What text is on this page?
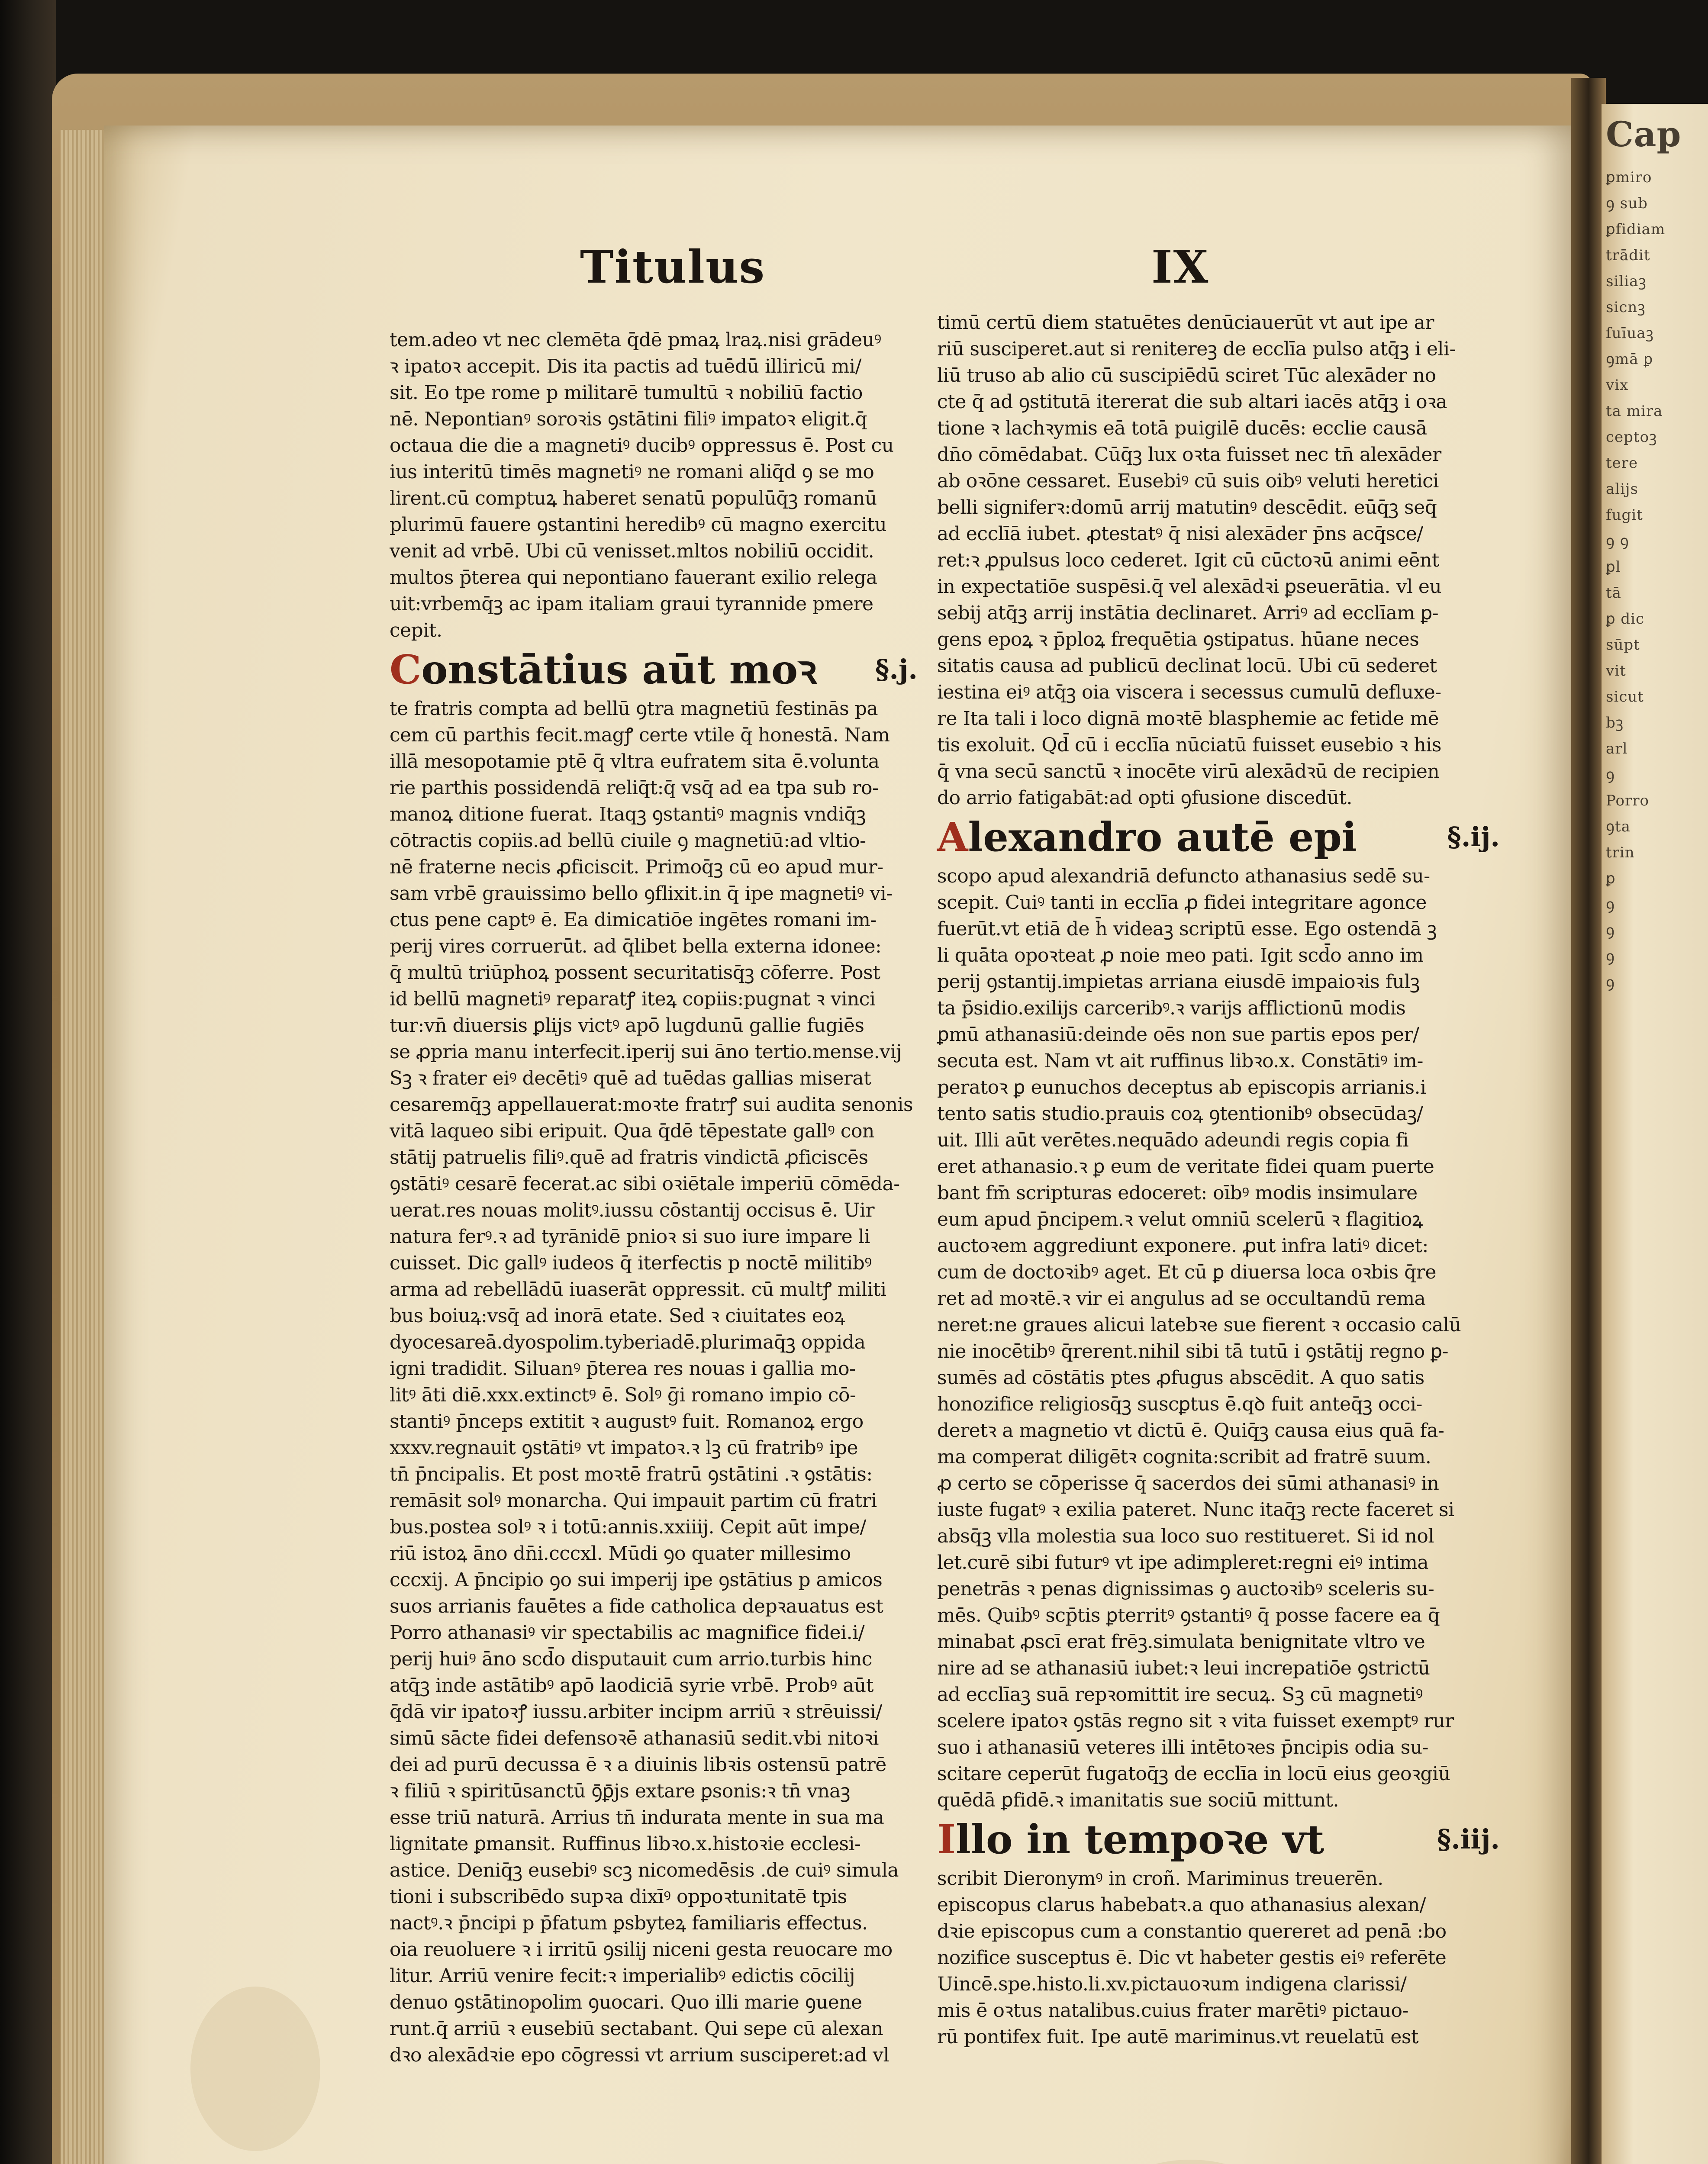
Cap
ꝑmiro
ꝯ sub
ꝑfidiam
trādit
siliaꝫ
sicnꝫ
ſuīuaꝫ
ꝯmā ꝑ
vix
ta mira
ceptoꝫ
tere
alijs
fugit
ꝯ ꝯ
ꝑl
tā
ꝑ dic
sūpt
vit
sicut
bꝫ
arl
ꝯ
Porro
ꝯta
trin
ꝑ
ꝯ
ꝯ
ꝯ
ꝯ
Titulus	IX
tem.adeo vt nec clemēta q̄dē pmaꝝ lraꝝ.nisi grādeuꝰ
ꝛ ipatoꝛ accepit. Dis ita pactis ad tuēdū illiricū mi/
sit. Eo tpe rome p militarē tumultū ꝛ nobiliū factio
nē. Nepontianꝰ soroꝛis ꝯstātini filiꝰ impatoꝛ eligit.q̄
octaua die die a magnetiꝰ ducibꝰ oppressus ē. Post cu
ius interitū timēs magnetiꝰ ne romani aliq̄d ꝯ se mo
lirent.cū comptuꝝ haberet senatū populūq̄ꝫ romanū
plurimū fauere ꝯstantini heredibꝰ cū magno exercitu
venit ad vrbē. Ubi cū venisset.mltos nobiliū occidit.
multos p̄terea qui nepontiano fauerant exilio relega
uit:vrbemq̄ꝫ ac ipam italiam graui tyrannide pmere
cepit.
Constātius aūt moꝛ §.j.
te fratris compta ad bellū ꝯtra magnetiū festinās pa
cem cū parthis fecit.magꝭ certe vtile q̄ honestā. Nam
illā mesopotamie ptē q̄ vltra eufratem sita ē.volunta
rie parthis possidendā reliq̄t:q̄ vsq̄ ad ea tpa sub ro-
manoꝝ ditione fuerat. Itaqꝫ ꝯstantiꝰ magnis vndiq̄ꝫ
cōtractis copiis.ad bellū ciuile ꝯ magnetiū:ad vltio-
nē fraterne necis ꝓficiscit. Primoq̄ꝫ cū eo apud mur-
sam vrbē grauissimo bello ꝯflixit.in q̄ ipe magnetiꝰ vi-
ctus pene captꝰ ē. Ea dimicatiōe ingētes romani im-
perij vires corruerūt. ad q̄libet bella externa idonee:
q̄ multū triūphoꝝ possent securitatisq̄ꝫ cōferre. Post
id bellū magnetiꝰ reparatꝭ iteꝝ copiis:pugnat ꝛ vinci
tur:vn̄ diuersis ꝑlijs victꝰ apō lugdunū gallie fugiēs
se ꝓpria manu interfecit.iperij sui āno tertio.mense.vij
Sꝫ ꝛ frater eiꝰ decētiꝰ quē ad tuēdas gallias miserat
cesaremq̄ꝫ appellauerat:moꝛte fratrꝭ sui audita senonis
vitā laqueo sibi eripuit. Qua q̄dē tēpestate gallꝰ con
stātij patruelis filiꝰ.quē ad fratris vindictā ꝓficiscēs
ꝯstātiꝰ cesarē fecerat.ac sibi oꝛiētale imperiū cōmēda-
uerat.res nouas molitꝰ.iussu cōstantij occisus ē. Uir
natura ferꝰ.ꝛ ad tyrānidē pnioꝛ si suo iure impare li
cuisset. Dic gallꝰ iudeos q̄ iterfectis p noctē militibꝰ
arma ad rebellādū iuaserāt oppressit. cū multꝭ militi
bus boiuꝝ:vsq̄ ad inorā etate. Sed ꝛ ciuitates eoꝝ
dyocesareā.dyospolim.tyberiadē.plurimaq̄ꝫ oppida
igni tradidit. Siluanꝰ p̄terea res nouas i gallia mo-
litꝰ āti diē.xxx.extinctꝰ ē. Solꝰ ḡi romano impio cō-
stantiꝰ p̄nceps extitit ꝛ augustꝰ fuit. Romanoꝝ ergo
xxxv.regnauit ꝯstātiꝰ vt impatoꝛ.ꝛ lꝫ cū fratribꝰ ipe
tn̄ p̄ncipalis. Et post moꝛtē fratrū ꝯstātini .ꝛ ꝯstātis:
remāsit solꝰ monarcha. Qui impauit partim cū fratri
bus.postea solꝰ ꝛ i totū:annis.xxiiij. Cepit aūt impe/
riū istoꝝ āno dn̄i.cccxl. Mūdi ꝯo quater millesimo
cccxij. A p̄ncipio ꝯo sui imperij ipe ꝯstātius p amicos
suos arrianis fauētes a fide catholica depꝛauatus est
Porro athanasiꝰ vir spectabilis ac magnifice fidei.i/
perij huiꝰ āno scd̄o disputauit cum arrio.turbis hinc
atq̄ꝫ inde astātibꝰ apō laodiciā syrie vrbē. Probꝰ aūt
q̄dā vir ipatoꝛꝭ iussu.arbiter incipm arriū ꝛ strēuissi/
simū sācte fidei defensoꝛē athanasiū sedit.vbi nitoꝛi
dei ad purū decussa ē ꝛ a diuinis libꝛis ostensū patrē
ꝛ filiū ꝛ spiritūsanctū ꝯ̄ꝑ̄js extare ꝑsonis:ꝛ tn̄ vnaꝫ
esse triū naturā. Arrius tn̄ indurata mente in sua ma
lignitate ꝑmansit. Ruffinus libꝛo.x.histoꝛie ecclesi-
astice. Deniq̄ꝫ eusebiꝰ scꝫ nicomedēsis .de cuiꝰ simula
tioni i subscribēdo supꝛa dixīꝰ oppoꝛtunitatē tpis
nactꝰ.ꝛ p̄ncipi p p̄fatum ꝑsbyteꝝ familiaris effectus.
oia reuoluere ꝛ i irritū ꝯsilij niceni gesta reuocare mo
litur. Arriū venire fecit:ꝛ imperialibꝰ edictis cōcilij
denuo ꝯstātinopolim ꝯuocari. Quo illi marie ꝯuene
runt.q̄ arriū ꝛ eusebiū sectabant. Qui sepe cū alexan
dꝛo alexādꝛie epo cōgressi vt arrium susciperet:ad vl
timū certū diem statuētes denūciauerūt vt aut ipe ar
riū susciperet.aut si renitereꝫ de ecclīa pulso atq̄ꝫ i eli-
liū truso ab alio cū suscipiēdū sciret Tūc alexāder no
cte q̄ ad ꝯstitutā itererat die sub altari iacēs atq̄ꝫ i oꝛa
tione ꝛ lachꝛymis eā totā puigilē ducēs: ecclie causā
dn̄o cōmēdabat. Cūq̄ꝫ lux oꝛta fuisset nec tn̄ alexāder
ab oꝛōne cessaret. Eusebiꝰ cū suis oibꝰ veluti heretici
belli signiferꝛ:domū arrij matutinꝰ descēdit. eūq̄ꝫ seq̄
ad ecclīā iubet. ꝓtestatꝰ q̄ nisi alexāder p̄ns acq̄sce/
ret:ꝛ ꝓpulsus loco cederet. Igit cū cūctoꝛū animi eēnt
in expectatiōe suspēsi.q̄ vel alexādꝛi ꝑseuerātia. vl eu
sebij atq̄ꝫ arrij instātia declinaret. Arriꝰ ad ecclīam ꝑ-
gens epoꝝ ꝛ p̄ploꝝ frequētia ꝯstipatus. hūane neces
sitatis causa ad publicū declinat locū. Ubi cū sederet
iestina eiꝰ atq̄ꝫ oia viscera i secessus cumulū defluxe-
re Ita tali i loco dignā moꝛtē blasphemie ac fetide mē
tis exoluit. Qd̄ cū i ecclīa nūciatū fuisset eusebio ꝛ his
q̄ vna secū sanctū ꝛ inocēte virū alexādꝛū de recipien
do arrio fatigabāt:ad opti ꝯfusione discedūt.
Alexandro autē epi	§.ij.
scopo apud alexandriā defuncto athanasius sedē su-
scepit. Cuiꝰ tanti in ecclīa ꝓ fidei integritare agonce
fuerūt.vt etiā de h̄ videaꝫ scriptū esse. Ego ostendā ꝫ
li quāta opoꝛteat ꝓ noie meo pati. Igit scd̄o anno im
perij ꝯstantij.impietas arriana eiusdē impaioꝛis fulꝫ
ta p̄sidio.exilijs carceribꝰ.ꝛ varijs afflictionū modis
ꝑmū athanasiū:deinde oēs non sue partis epos per/
secuta est. Nam vt ait ruffinus libꝛo.x. Constātiꝰ im-
peratoꝛ ꝑ eunuchos deceptus ab episcopis arrianis.i
tento satis studio.prauis coꝝ ꝯtentionibꝰ obsecūdaꝫ/
uit. Illi aūt verētes.nequādo adeundi regis copia fi
eret athanasio.ꝛ ꝑ eum de veritate fidei quam puerte
bant fm̄ scripturas edoceret: oībꝰ modis insimulare
eum apud p̄ncipem.ꝛ velut omniū scelerū ꝛ flagitioꝝ
auctoꝛem aggrediunt exponere. ꝓut infra latiꝰ dicet:
cum de doctoꝛibꝰ aget. Et cū ꝑ diuersa loca oꝛbis q̄re
ret ad moꝛtē.ꝛ vir ei angulus ad se occultandū rema
neret:ne graues alicui latebꝛe sue fierent ꝛ occasio calū
nie inocētibꝰ q̄rerent.nihil sibi tā tutū i ꝯstātij regno ꝑ-
sumēs ad cōstātis ptes ꝓfugus abscēdit. A quo satis
honozifice religiosq̄ꝫ suscꝑtus ē.qꝺ fuit anteq̄ꝫ occi-
deretꝛ a magnetio vt dictū ē. Quiq̄ꝫ causa eius quā fa-
ma comperat diligētꝛ cognita:scribit ad fratrē suum.
ꝓ certo se cōperisse q̄ sacerdos dei sūmi athanasiꝰ in
iuste fugatꝰ ꝛ exilia pateret. Nunc itaq̄ꝫ recte faceret si
absq̄ꝫ vlla molestia sua loco suo restitueret. Si id nol
let.curē sibi futurꝰ vt ipe adimpleret:regni eiꝰ intima
penetrās ꝛ penas dignissimas ꝯ auctoꝛibꝰ sceleris su-
mēs. Quibꝰ scp̄tis ꝑterritꝰ ꝯstantiꝰ q̄ posse facere ea q̄
minabat ꝓscī erat frēꝫ.simulata benignitate vltro ve
nire ad se athanasiū iubet:ꝛ leui increpatiōe ꝯstrictū
ad ecclīaꝫ suā repꝛomittit ire secuꝝ. Sꝫ cū magnetiꝰ
scelere ipatoꝛ ꝯstās regno sit ꝛ vita fuisset exemptꝰ rur
suo i athanasiū veteres illi intētoꝛes p̄ncipis odia su-
scitare ceperūt fugatoq̄ꝫ de ecclīa in locū eius geoꝛgiū
quēdā ꝑfidē.ꝛ imanitatis sue sociū mittunt.
Illo in tempoꝛe vt	§.iij.
scribit Dieronymꝰ in croñ. Mariminus treuerēn.
episcopus clarus habebatꝛ.a quo athanasius alexan/
dꝛie episcopus cum a constantio quereret ad penā :bo
nozifice susceptus ē. Dic vt habeter gestis eiꝰ referēte
Uincē.spe.histo.li.xv.pictauoꝛum indigena clarissi/
mis ē oꝛtus natalibus.cuius frater marētiꝰ pictauo-
rū pontifex fuit. Ipe autē mariminus.vt reuelatū est
